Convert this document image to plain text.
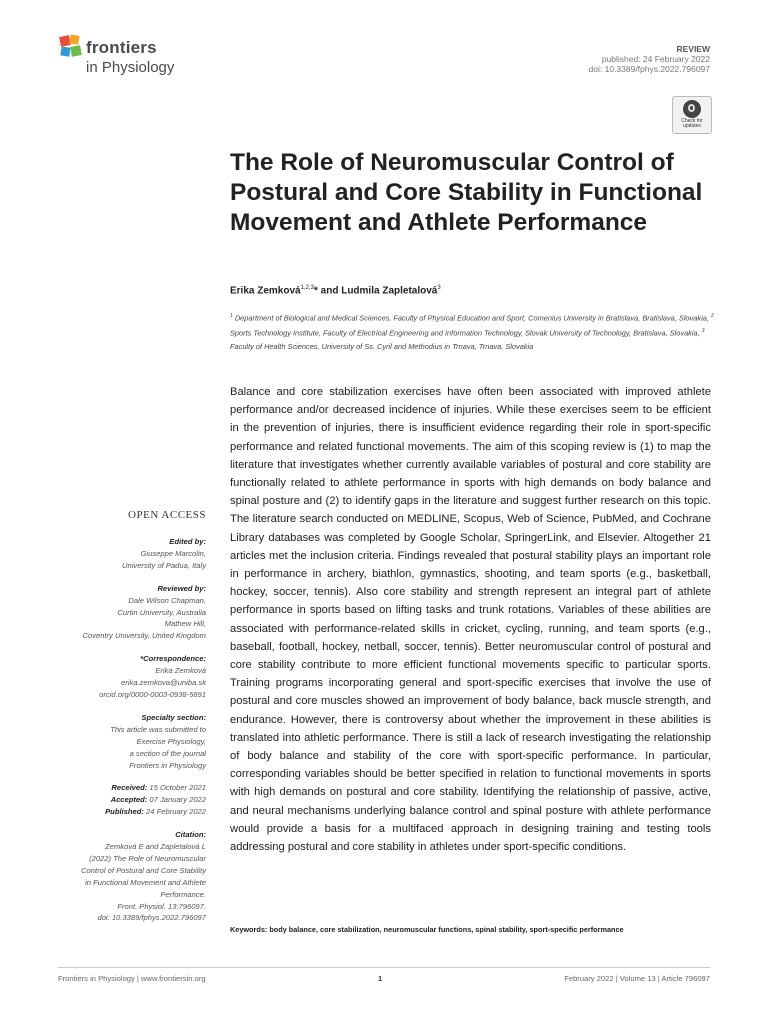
frontiers
in Physiology
REVIEW
published: 24 February 2022
doi: 10.3389/fphys.2022.796097
Check for updates
The Role of Neuromuscular Control of Postural and Core Stability in Functional Movement and Athlete Performance
Erika Zemková$^{1,2,3}$* and Ludmila Zapletalová$^3$
$^1$ Department of Biological and Medical Sciences, Faculty of Physical Education and Sport, Comenius University in Bratislava, Bratislava, Slovakia, $^2$ Sports Technology Institute, Faculty of Electrical Engineering and Information Technology, Slovak University of Technology, Bratislava, Slovakia, $^3$ Faculty of Health Sciences, University of Ss. Cyril and Methodius in Trnava, Trnava, Slovakia
Balance and core stabilization exercises have often been associated with improved athlete performance and/or decreased incidence of injuries. While these exercises seem to be efficient in the prevention of injuries, there is insufficient evidence regarding their role in sport-specific performance and related functional movements. The aim of this scoping review is (1) to map the literature that investigates whether currently available variables of postural and core stability are functionally related to athlete performance in sports with high demands on body balance and spinal posture and (2) to identify gaps in the literature and suggest further research on this topic. The literature search conducted on MEDLINE, Scopus, Web of Science, PubMed, and Cochrane Library databases was completed by Google Scholar, SpringerLink, and Elsevier. Altogether 21 articles met the inclusion criteria. Findings revealed that postural stability plays an important role in performance in archery, biathlon, gymnastics, shooting, and team sports (e.g., basketball, hockey, soccer, tennis). Also core stability and strength represent an integral part of athlete performance in sports based on lifting tasks and trunk rotations. Variables of these abilities are associated with performance-related skills in cricket, cycling, running, and team sports (e.g., baseball, football, hockey, netball, soccer, tennis). Better neuromuscular control of postural and core stability contribute to more efficient functional movements specific to particular sports. Training programs incorporating general and sport-specific exercises that involve the use of postural and core muscles showed an improvement of body balance, back muscle strength, and endurance. However, there is controversy about whether the improvement in these abilities is translated into athletic performance. There is still a lack of research investigating the relationship of body balance and stability of the core with sport-specific performance. In particular, corresponding variables should be better specified in relation to functional movements in sports with high demands on postural and core stability. Identifying the relationship of passive, active, and neural mechanisms underlying balance control and spinal posture with athlete performance would provide a basis for a multifaced approach in designing training and testing tools addressing postural and core stability in athletes under sport-specific conditions.
Keywords: body balance, core stabilization, neuromuscular functions, spinal stability, sport-specific performance
OPEN ACCESS
Edited by:
Giuseppe Marcolin,
University of Padua, Italy
Reviewed by:
Dale Wilson Chapman,
Curtin University, Australia
Mathew Hill,
Coventry University, United Kingdom
*Correspondence:
Erika Zemková
erika.zemkova@uniba.sk
orcid.org/0000-0003-0938-5691
Specialty section:
This article was submitted to
Exercise Physiology,
a section of the journal
Frontiers in Physiology
Received: 15 October 2021
Accepted: 07 January 2022
Published: 24 February 2022
Citation:
Zemková E and Zapletalová L
(2022) The Role of Neuromuscular
Control of Postural and Core Stability
in Functional Movement and Athlete
Performance.
Front. Physiol. 13:796097.
doi: 10.3389/fphys.2022.796097
Frontiers in Physiology | www.frontiersin.org	1	February 2022 | Volume 13 | Article 796097
